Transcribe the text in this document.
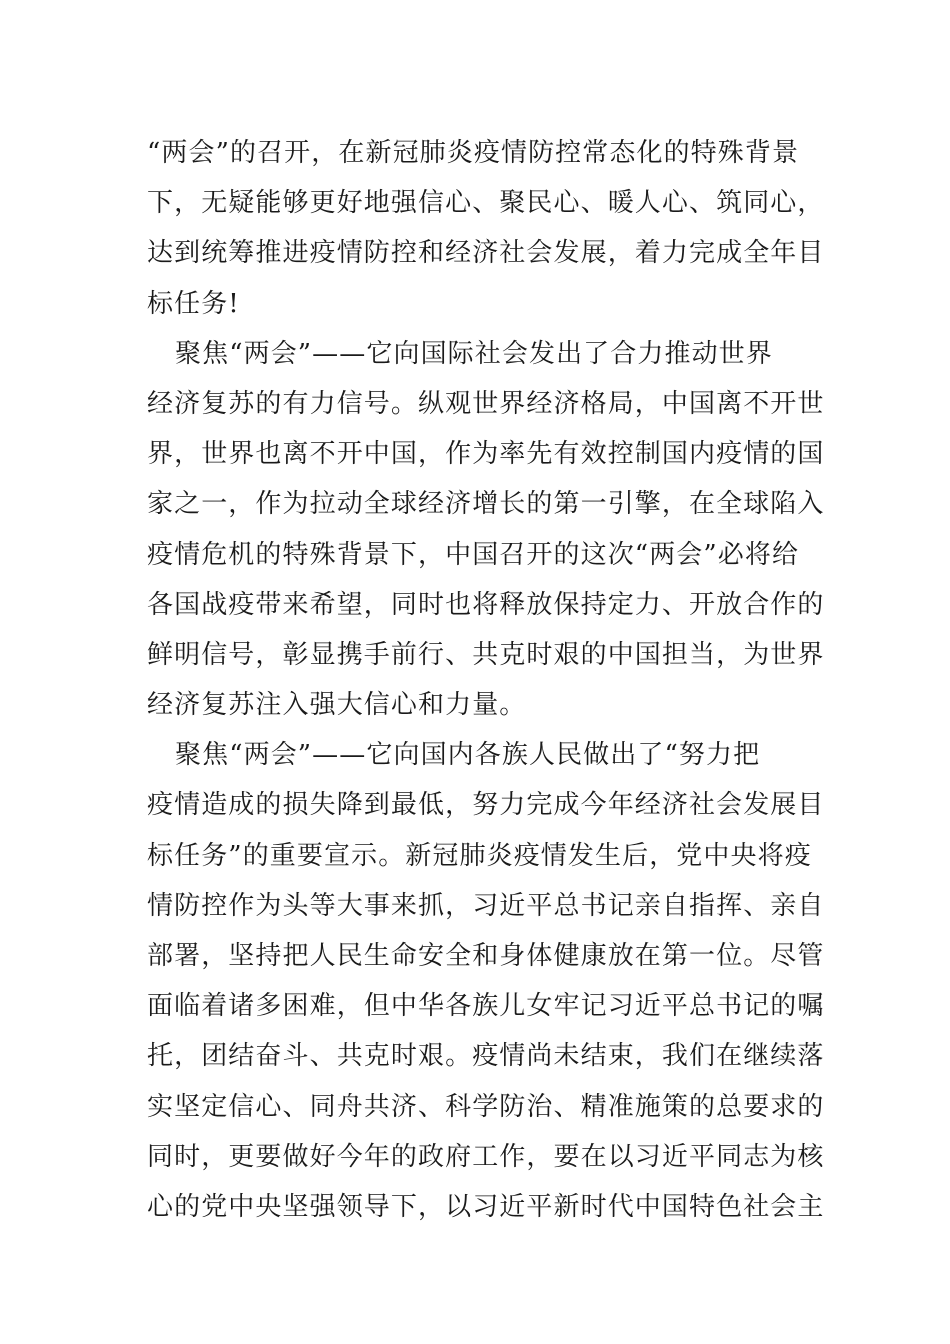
“两会”的召开，在新冠肺炎疫情防控常态化的特殊背景
下，无疑能够更好地强信心、聚民心、暖人心、筑同心，
达到统筹推进疫情防控和经济社会发展，着力完成全年目
标任务!
聚焦“两会”——它向国际社会发出了合力推动世界
经济复苏的有力信号。纵观世界经济格局，中国离不开世
界，世界也离不开中国，作为率先有效控制国内疫情的国
家之一，作为拉动全球经济增长的第一引擎，在全球陷入
疫情危机的特殊背景下，中国召开的这次“两会”必将给
各国战疫带来希望，同时也将释放保持定力、开放合作的
鲜明信号，彰显携手前行、共克时艰的中国担当，为世界
经济复苏注入强大信心和力量。
聚焦“两会”——它向国内各族人民做出了“努力把
疫情造成的损失降到最低，努力完成今年经济社会发展目
标任务”的重要宣示。新冠肺炎疫情发生后，党中央将疫
情防控作为头等大事来抓，习近平总书记亲自指挥、亲自
部署，坚持把人民生命安全和身体健康放在第一位。尽管
面临着诸多困难，但中华各族儿女牢记习近平总书记的嘱
托，团结奋斗、共克时艰。疫情尚未结束，我们在继续落
实坚定信心、同舟共济、科学防治、精准施策的总要求的
同时，更要做好今年的政府工作，要在以习近平同志为核
心的党中央坚强领导下，以习近平新时代中国特色社会主
